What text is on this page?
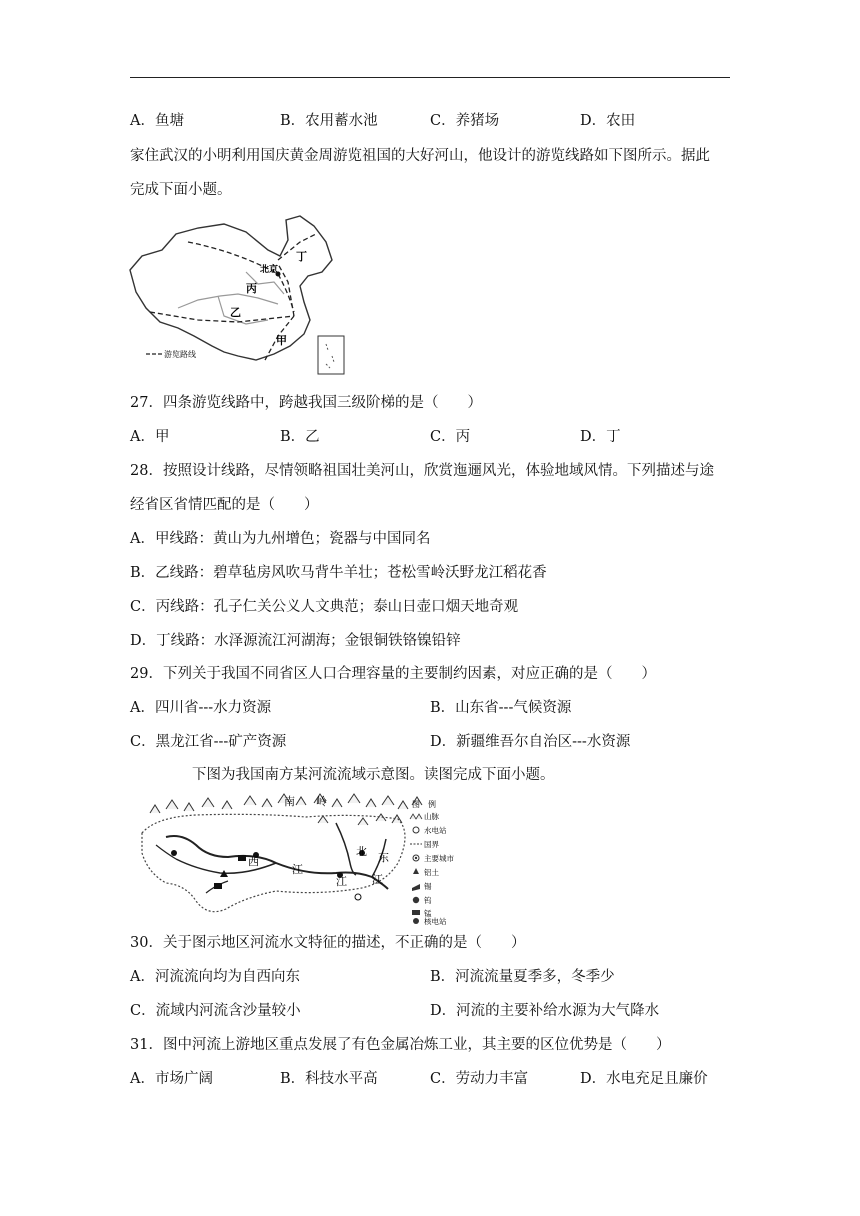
A．鱼塘	B．农用蓄水池	C．养猪场	D．农田
家住武汉的小明利用国庆黄金周游览祖国的大好河山，他设计的游览线路如下图所示。据此
完成下面小题。
北京
丁
丙
乙
甲
游览路线
27．四条游览线路中，跨越我国三级阶梯的是（　　）
A．甲	B．乙	C．丙	D．丁
28．按照设计线路，尽情领略祖国壮美河山，欣赏迤逦风光，体验地域风情。下列描述与途
经省区省情匹配的是（　　）
A．甲线路：黄山为九州增色；瓷器与中国同名
B．乙线路：碧草毡房风吹马背牛羊壮；苍松雪岭沃野龙江稻花香
C．丙线路：孔子仁关公义人文典范；泰山日壶口烟天地奇观
D．丁线路：水泽源流江河湖海；金银铜铁铬镍铅锌
29．下列关于我国不同省区人口合理容量的主要制约因素，对应正确的是（　　）
A．四川省---水力资源	B．山东省---气候资源
C．黑龙江省---矿产资源	D．新疆维吾尔自治区---水资源
下图为我国南方某河流流域示意图。读图完成下面小题。
南 岭
西
江
北
江
东
江
图　例
山脉
水电站
国界
主要城市
铝土
锡
钨
锰
核电站
30．关于图示地区河流水文特征的描述，不正确的是（　　）
A．河流流向均为自西向东	B．河流流量夏季多，冬季少
C．流域内河流含沙量较小	D．河流的主要补给水源为大气降水
31．图中河流上游地区重点发展了有色金属冶炼工业，其主要的区位优势是（　　）
A．市场广阔	B．科技水平高	C．劳动力丰富	D．水电充足且廉价
